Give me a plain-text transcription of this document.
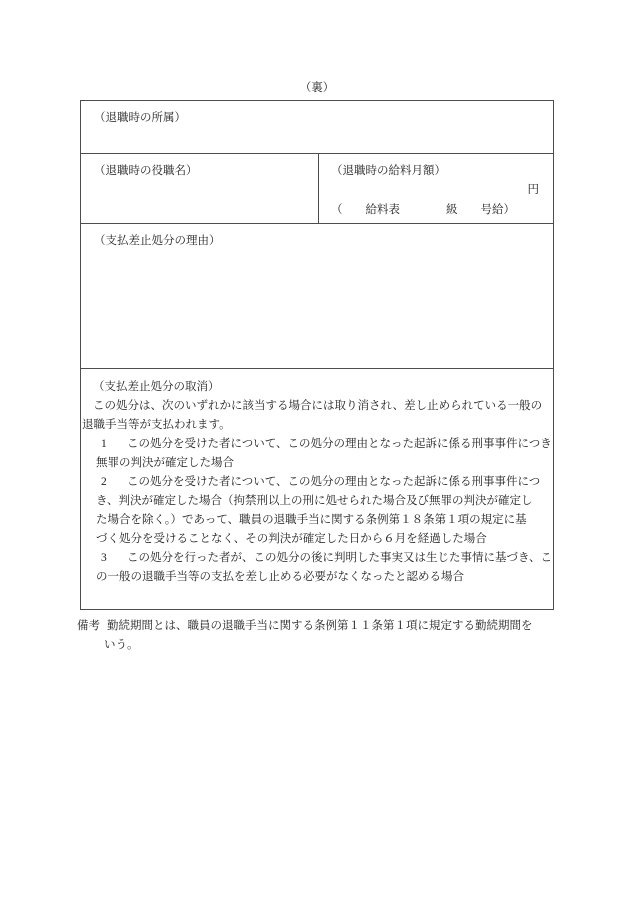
（裏）
（退職時の所属）
（退職時の役職名）	（退職時の給料月額）
円
（　　給料表　　　　級　　号給）
（支払差止処分の理由）
（支払差止処分の取消）
この処分は、次のいずれかに該当する場合には取り消され、差し止められている一般の
退職手当等が支払われます。
1 この処分を受けた者について、この処分の理由となった起訴に係る刑事事件につき
無罪の判決が確定した場合
2 この処分を受けた者について、この処分の理由となった起訴に係る刑事事件につ
き、判決が確定した場合（拘禁刑以上の刑に処せられた場合及び無罪の判決が確定し
た場合を除く。）であって、職員の退職手当に関する条例第１８条第１項の規定に基
づく処分を受けることなく、その判決が確定した日から６月を経過した場合
3 この処分を行った者が、この処分の後に判明した事実又は生じた事情に基づき、こ
の一般の退職手当等の支払を差し止める必要がなくなったと認める場合
備考 勤続期間とは、職員の退職手当に関する条例第１１条第１項に規定する勤続期間を
いう。
